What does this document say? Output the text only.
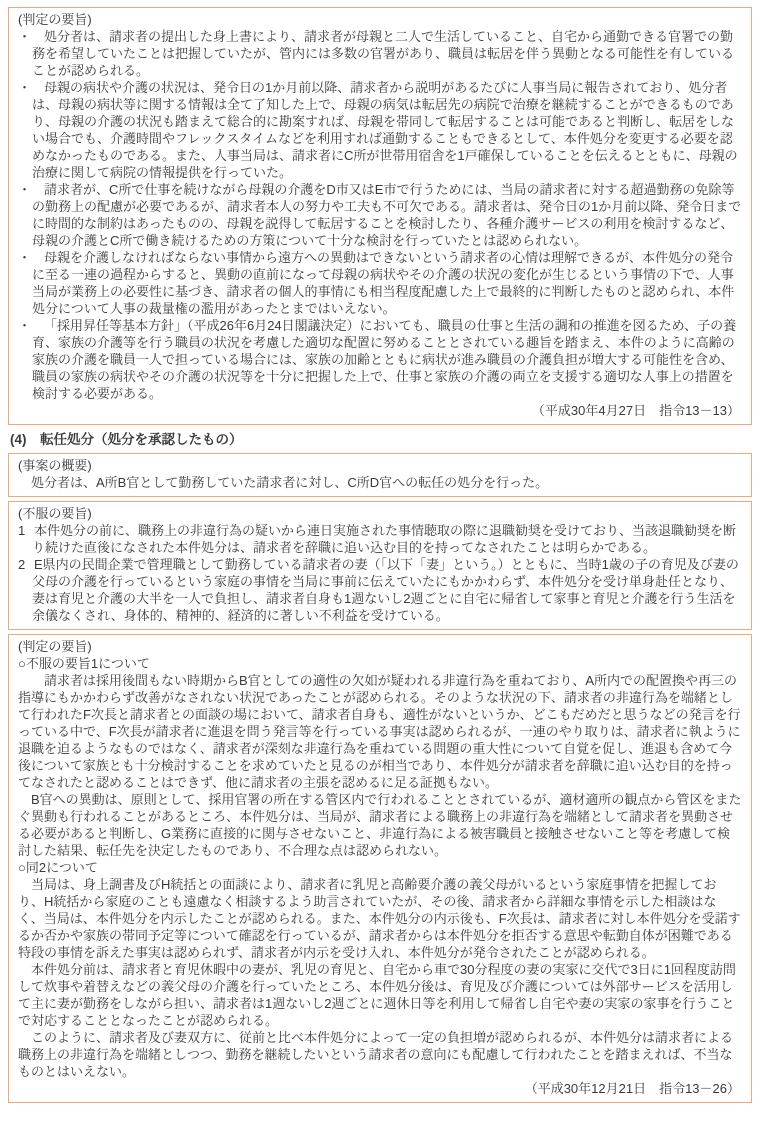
(判定の要旨)

・ 処分者は、請求者の提出した身上書により、請求者が母親と二人で生活していること、自宅から通勤できる官署での勤務を希望していたことは把握していたが、管内には多数の官署があり、職員は転居を伴う異動となる可能性を有していることが認められる。

・ 母親の病状や介護の状況は、発令日の1か月前以降、請求者から説明があるたびに人事当局に報告されており、処分者は、母親の病状等に関する情報は全て了知した上で、母親の病気は転居先の病院で治療を継続することができるものであり、母親の介護の状況も踏まえて総合的に勘案すれば、母親を帯同して転居することは可能であると判断し、転居をしない場合でも、介護時間やフレックスタイムなどを利用すれば通勤することもできるとして、本件処分を変更する必要を認めなかったものである。また、人事当局は、請求者にC所が世帯用宿舎を1戸確保していることを伝えるとともに、母親の治療に関して病院の情報提供を行っていた。

・ 請求者が、C所で仕事を続けながら母親の介護をD市又はE市で行うためには、当局の請求者に対する超過勤務の免除等の勤務上の配慮が必要であるが、請求者本人の努力や工夫も不可欠である。請求者は、発令日の1か月前以降、発令日までに時間的な制約はあったものの、母親を説得して転居することを検討したり、各種介護サービスの利用を検討するなど、母親の介護とC所で働き続けるための方策について十分な検討を行っていたとは認められない。

・ 母親を介護しなければならない事情から遠方への異動はできないという請求者の心情は理解できるが、本件処分の発令に至る一連の過程からすると、異動の直前になって母親の病状やその介護の状況の変化が生じるという事情の下で、人事当局が業務上の必要性に基づき、請求者の個人的事情にも相当程度配慮した上で最終的に判断したものと認められ、本件処分について人事の裁量権の濫用があったとまではいえない。

・ 「採用昇任等基本方針」（平成26年6月24日閣議決定）においても、職員の仕事と生活の調和の推進を図るため、子の養育、家族の介護等を行う職員の状況を考慮した適切な配置に努めることとされている趣旨を踏まえ、本件のように高齢の家族の介護を職員一人で担っている場合には、家族の加齢とともに病状が進み職員の介護負担が増大する可能性を含め、職員の家族の病状やその介護の状況等を十分に把握した上で、仕事と家族の介護の両立を支援する適切な人事上の措置を検討する必要がある。

（平成30年4月27日　指令13－13）
(4)　転任処分（処分を承認したもの）
(事案の概要)

処分者は、A所B官として勤務していた請求者に対し、C所D官への転任の処分を行った。

(不服の要旨)

1 本件処分の前に、職務上の非違行為の疑いから連日実施された事情聴取の際に退職勧奨を受けており、当該退職勧奨を断り続けた直後になされた本件処分は、請求者を辞職に追い込む目的を持ってなされたことは明らかである。

2 E県内の民間企業で管理職として勤務している請求者の妻（「以下「妻」という。）とともに、当時1歳の子の育児及び妻の父母の介護を行っているという家庭の事情を当局に事前に伝えていたにもかかわらず、本件処分を受け単身赴任となり、妻は育児と介護の大半を一人で負担し、請求者自身も1週ないし2週ごとに自宅に帰省して家事と育児と介護を行う生活を余儀なくされ、身体的、精神的、経済的に著しい不利益を受けている。

(判定の要旨)
○不服の要旨1について

請求者は採用後間もない時期からB官としての適性の欠如が疑われる非違行為を重ねており、A所内での配置換や再三の指導にもかかわらず改善がなされない状況であったことが認められる。そのような状況の下、請求者の非違行為を端緒として行われたF次長と請求者との面談の場において、請求者自身も、適性がないというか、どこもだめだと思うなどの発言を行っている中で、F次長が請求者に進退を問う発言等を行っている事実は認められるが、一連のやり取りは、請求者に執ように退職を迫るようなものではなく、請求者が深刻な非違行為を重ねている問題の重大性について自覚を促し、進退も含めて今後について家族とも十分検討することを求めていたと見るのが相当であり、本件処分が請求者を辞職に追い込む目的を持ってなされたと認めることはできず、他に請求者の主張を認めるに足る証拠もない。

B官への異動は、原則として、採用官署の所在する管区内で行われることとされているが、適材適所の観点から管区をまたぐ異動も行われることがあるところ、本件処分は、当局が、請求者による職務上の非違行為を端緒として請求者を異動させる必要があると判断し、G業務に直接的に関与させないこと、非違行為による被害職員と接触させないこと等を考慮して検討した結果、転任先を決定したものであり、不合理な点は認められない。

○同2について

当局は、身上調書及びH統括との面談により、請求者に乳児と高齢要介護の義父母がいるという家庭事情を把握しており、H統括から家庭のことも遠慮なく相談するよう助言されていたが、その後、請求者から詳細な事情を示した相談はなく、当局は、本件処分を内示したことが認められる。また、本件処分の内示後も、F次長は、請求者に対し本件処分を受諾するか否かや家族の帯同予定等について確認を行っているが、請求者からは本件処分を拒否する意思や転勤自体が困難である特段の事情を訴えた事実は認められず、請求者が内示を受け入れ、本件処分が発令されたことが認められる。

本件処分前は、請求者と育児休暇中の妻が、乳児の育児と、自宅から車で30分程度の妻の実家に交代で3日に1回程度訪問して炊事や着替えなどの義父母の介護を行っていたところ、本件処分後は、育児及び介護については外部サービスを活用して主に妻が勤務をしながら担い、請求者は1週ないし2週ごとに週休日等を利用して帰省し自宅や妻の実家の家事を行うことで対応することとなったことが認められる。

このように、請求者及び妻双方に、従前と比べ本件処分によって一定の負担増が認められるが、本件処分は請求者による職務上の非違行為を端緒としつつ、勤務を継続したいという請求者の意向にも配慮して行われたことを踏まえれば、不当なものとはいえない。

（平成30年12月21日　指令13－26）
